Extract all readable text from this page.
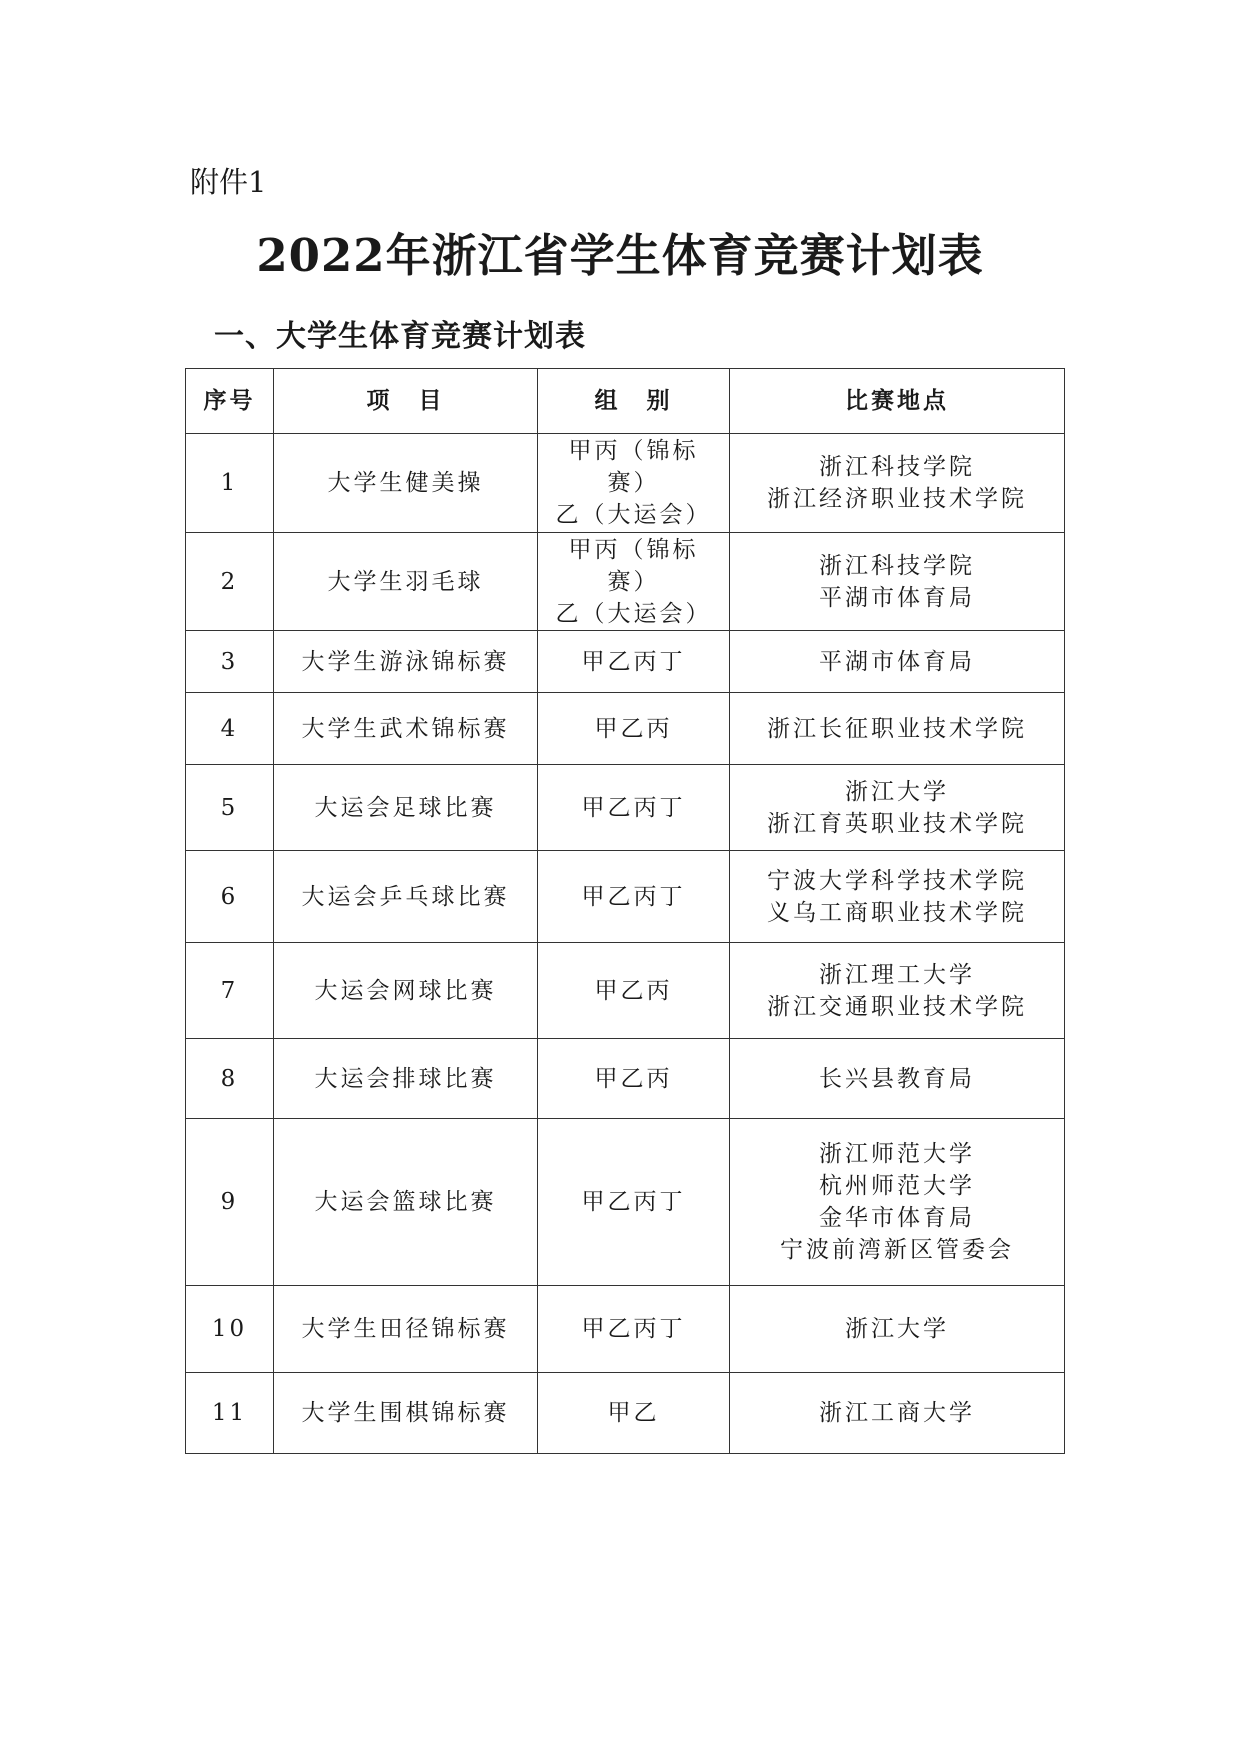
附件1
2022年浙江省学生体育竞赛计划表
一、大学生体育竞赛计划表
序号	项　目	组　别	比赛地点
1	大学生健美操	甲丙（锦标
赛）
乙（大运会）	浙江科技学院
浙江经济职业技术学院

2	大学生羽毛球	甲丙（锦标
赛）
乙（大运会）	浙江科技学院
平湖市体育局

3	大学生游泳锦标赛	甲乙丙丁	平湖市体育局

4	大学生武术锦标赛	甲乙丙	浙江长征职业技术学院

5	大运会足球比赛	甲乙丙丁	浙江大学
浙江育英职业技术学院

6	大运会乒乓球比赛	甲乙丙丁	宁波大学科学技术学院
义乌工商职业技术学院

7	大运会网球比赛	甲乙丙	浙江理工大学
浙江交通职业技术学院

8	大运会排球比赛	甲乙丙	长兴县教育局

9	大运会篮球比赛	甲乙丙丁	浙江师范大学
杭州师范大学
金华市体育局
宁波前湾新区管委会

10	大学生田径锦标赛	甲乙丙丁	浙江大学

11	大学生围棋锦标赛	甲乙	浙江工商大学
